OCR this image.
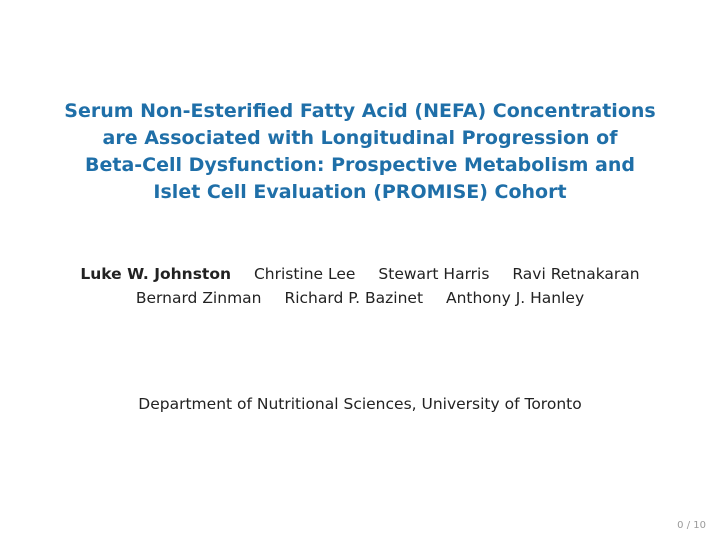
Serum Non-Esterified Fatty Acid (NEFA) Concentrations
are Associated with Longitudinal Progression of
Beta-Cell Dysfunction: Prospective Metabolism and
Islet Cell Evaluation (PROMISE) Cohort
Luke W. Johnston Christine Lee Stewart Harris Ravi Retnakaran
Bernard Zinman Richard P. Bazinet Anthony J. Hanley
Department of Nutritional Sciences, University of Toronto
0 / 10
